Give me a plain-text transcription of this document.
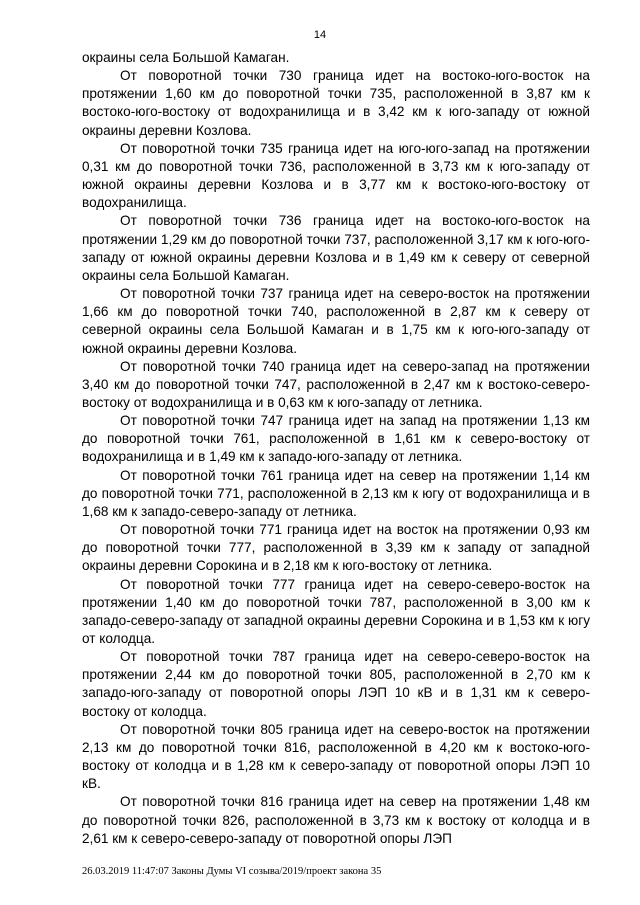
14

окраины села Большой Камаган.

От поворотной точки 730 граница идет на востоко-юго-восток на протяжении 1,60 км до поворотной точки 735, расположенной в 3,87 км к востоко-юго-востоку от водохранилища и в 3,42 км к юго-западу от южной окраины деревни Козлова.

От поворотной точки 735 граница идет на юго-юго-запад на протяжении 0,31 км до поворотной точки 736, расположенной в 3,73 км к юго-западу от южной окраины деревни Козлова и в 3,77 км к востоко-юго-востоку от водохранилища.

От поворотной точки 736 граница идет на востоко-юго-восток на протяжении 1,29 км до поворотной точки 737, расположенной 3,17 км к юго-юго-западу от южной окраины деревни Козлова и в 1,49 км к северу от северной окраины села Большой Камаган.

От поворотной точки 737 граница идет на северо-восток на протяжении 1,66 км до поворотной точки 740, расположенной в 2,87 км к северу от северной окраины села Большой Камаган и в 1,75 км к юго-юго-западу от южной окраины деревни Козлова.

От поворотной точки 740 граница идет на северо-запад на протяжении 3,40 км до поворотной точки 747, расположенной в 2,47 км к востоко-северо-востоку от водохранилища и в 0,63 км к юго-западу от летника.

От поворотной точки 747 граница идет на запад на протяжении 1,13 км до поворотной точки 761, расположенной в 1,61 км к северо-востоку от водохранилища и в 1,49 км к западо-юго-западу от летника.

От поворотной точки 761 граница идет на север на протяжении 1,14 км до поворотной точки 771, расположенной в 2,13 км к югу от водохранилища и в 1,68 км к западо-северо-западу от летника.

От поворотной точки 771 граница идет на восток на протяжении 0,93 км до поворотной точки 777, расположенной в 3,39 км к западу от западной окраины деревни Сорокина и в 2,18 км к юго-востоку от летника.

От поворотной точки 777 граница идет на северо-северо-восток на протяжении 1,40 км до поворотной точки 787, расположенной в 3,00 км к западо-северо-западу от западной окраины деревни Сорокина и в 1,53 км к югу от колодца.

От поворотной точки 787 граница идет на северо-северо-восток на протяжении 2,44 км до поворотной точки 805, расположенной в 2,70 км к западо-юго-западу от поворотной опоры ЛЭП 10 кВ и в 1,31 км к северо-востоку от колодца.

От поворотной точки 805 граница идет на северо-восток на протяжении 2,13 км до поворотной точки 816, расположенной в 4,20 км к востоко-юго-востоку от колодца и в 1,28 км к северо-западу от поворотной опоры ЛЭП 10 кВ.

От поворотной точки 816 граница идет на север на протяжении 1,48 км до поворотной точки 826, расположенной в 3,73 км к востоку от колодца и в 2,61 км к северо-северо-западу от поворотной опоры ЛЭП

26.03.2019 11:47:07 Законы Думы VI созыва/2019/проект закона 35
